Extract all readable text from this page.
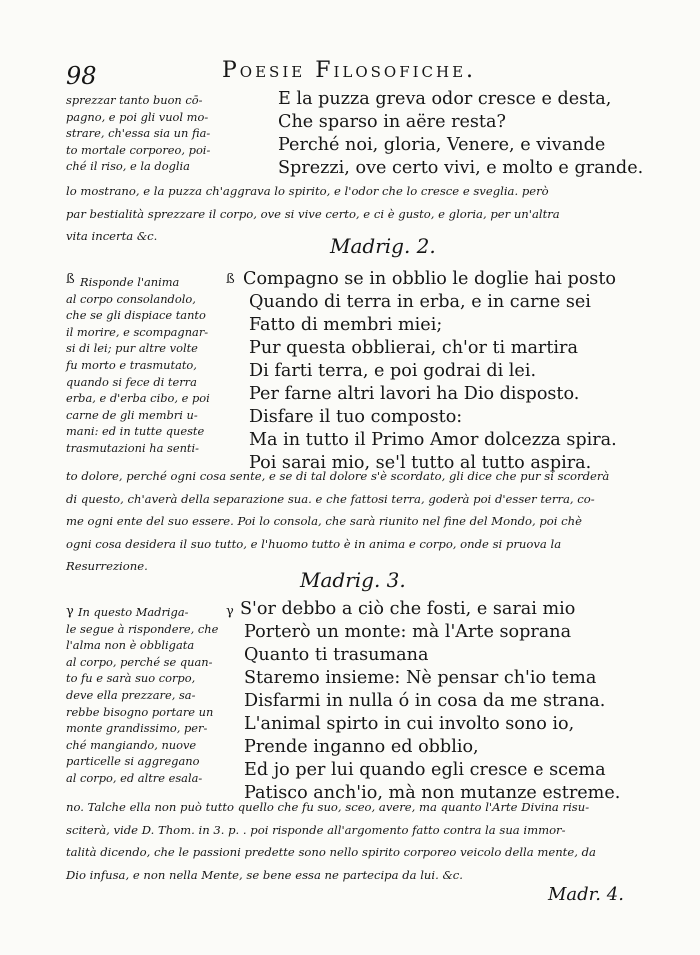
98	Poesie Filosofiche.
sprezzar tanto buon cō-
pagno, e poi gli vuol mo-
strare, ch'essa sia un fia-
to mortale corporeo, poi-
ché il riso, e la doglia
E la puzza greva odor cresce e desta,
Che sparso in aëre resta?
Perché noi, gloria, Venere, e vivande
Sprezzi, ove certo vivi, e molto e grande.
lo mostrano, e la puzza ch'aggrava lo spirito, e l'odor che lo cresce e sveglia. però
par bestialità sprezzare il corpo, ove si vive certo, e ci è gusto, e gloria, per un'altra
vita incerta &c.	Madrig. 2.
ß	ß
Risponde l'anima
al corpo consolandolo,
che se gli dispiace tanto
il morire, e scompagnar-
si di lei; pur altre volte
fu morto e trasmutato,
quando si fece di terra
erba, e d'erba cibo, e poi
carne de gli membri u-
mani: ed in tutte queste
trasmutazioni ha senti-
Compagno se in obblio le doglie hai posto
Quando di terra in erba, e in carne sei
Fatto di membri miei;
Pur questa obblierai, ch'or ti martira
Di farti terra, e poi godrai di lei.
Per farne altri lavori ha Dio disposto.
Disfare il tuo composto:
Ma in tutto il Primo Amor dolcezza spira.
Poi sarai mio, se'l tutto al tutto aspira.
to dolore, perché ogni cosa sente, e se di tal dolore s'è scordato, gli dice che pur si scorderà
di questo, ch'averà della separazione sua. e che fattosi terra, goderà poi d'esser terra, co-
me ogni ente del suo essere. Poi lo consola, che sarà riunito nel fine del Mondo, poi chè
ogni cosa desidera il suo tutto, e l'huomo tutto è in anima e corpo, onde si pruova la
Resurrezione.
Madrig. 3.
γ	γ
In questo Madriga-
le segue à rispondere, che
l'alma non è obbligata
al corpo, perché se quan-
to fu e sarà suo corpo,
deve ella prezzare, sa-
rebbe bisogno portare un
monte grandissimo, per-
ché mangiando, nuove
particelle si aggregano
al corpo, ed altre esala-
S'or debbo a ciò che fosti, e sarai mio
Porterò un monte: mà l'Arte soprana
Quanto ti trasumana
Staremo insieme: Nè pensar ch'io tema
Disfarmi in nulla ó in cosa da me strana.
L'animal spirto in cui involto sono io,
Prende inganno ed obblio,
Ed jo per lui quando egli cresce e scema
Patisco anch'io, mà non mutanze estreme.
no. Talche ella non può tutto quello che fu suo, sceo, avere, ma quanto l'Arte Divina risu-
sciterà, vide D. Thom. in 3. p. . poi risponde all'argomento fatto contra la sua immor-
talità dicendo, che le passioni predette sono nello spirito corporeo veicolo della mente, da
Dio infusa, e non nella Mente, se bene essa ne partecipa da lui. &c.
Madr. 4.
